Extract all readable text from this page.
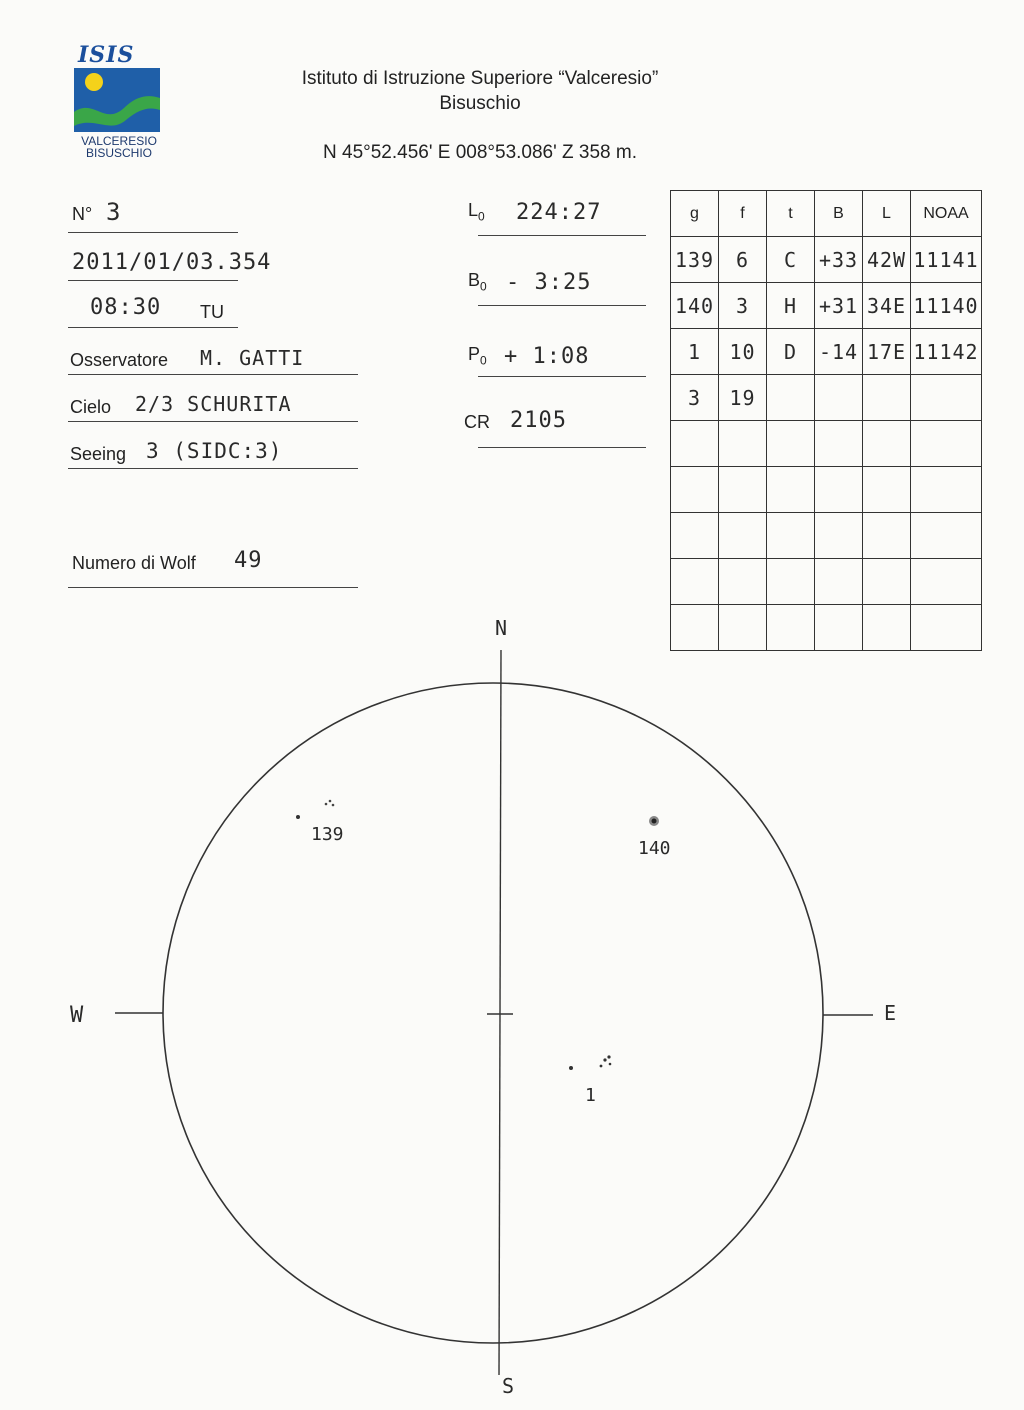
ISIS
VALCERESIO
BISUSCHIO
Istituto di Istruzione Superiore “Valceresio”
Bisuschio
N 45°52.456' E 008°53.086' Z 358 m.
N° 3
2011/01/03.354
08:30 TU
Osservatore M. GATTI
Cielo 2/3 SCHURITA
Seeing 3 (SIDC:3)
Numero di Wolf 49
$L_0$ 224:27
$B_0$ - 3:25
$P_0$ + 1:08
CR 2105
g	f	t	B	L	NOAA
139	6	C	+33	42W	11141
140	3	H	+31	34E	11140
1	10	D	-14	17E	11142
3	19				

N
S
W	E
139
140
1
